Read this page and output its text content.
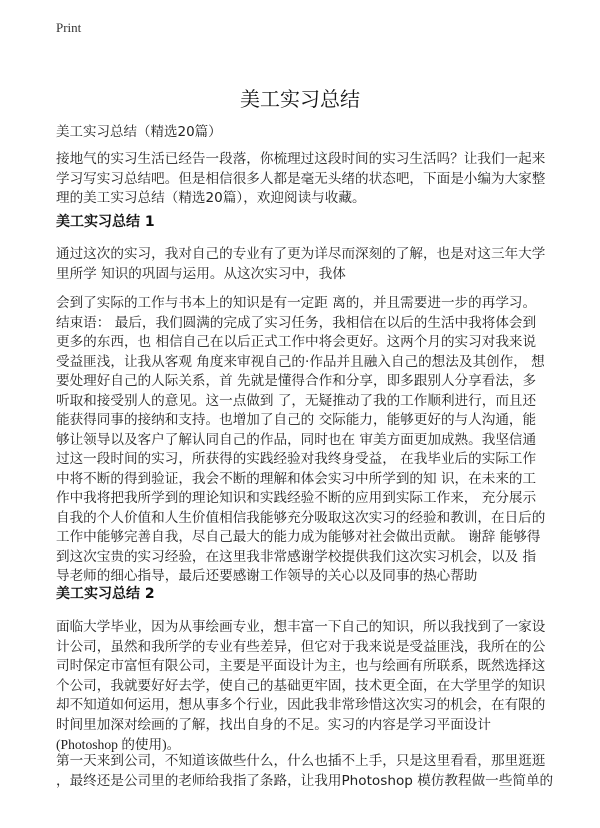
Print
美工实习总结
美工实习总结（精选20篇）
接地气的实习生活已经告一段落，你梳理过这段时间的实习生活吗？让我们一起来
学习写实习总结吧。但是相信很多人都是毫无头绪的状态吧，下面是小编为大家整
理的美工实习总结（精选20篇），欢迎阅读与收藏。
美工实习总结 1
通过这次的实习，我对自己的专业有了更为详尽而深刻的了解，也是对这三年大学
里所学 知识的巩固与运用。从这次实习中，我体
会到了实际的工作与书本上的知识是有一定距 离的，并且需要进一步的再学习。
结束语： 最后，我们圆满的完成了实习任务，我相信在以后的生活中我将体会到
更多的东西，也 相信自己在以后正式工作中将会更好。这两个月的实习对我来说
受益匪浅，让我从客观 角度来审视自己的·作品并且融入自己的想法及其创作， 想
要处理好自己的人际关系，首 先就是懂得合作和分享，即多跟别人分享看法，多
听取和接受别人的意见。这一点做到 了，无疑推动了我的工作顺利进行，而且还
能获得同事的接纳和支持。也增加了自己的 交际能力，能够更好的与人沟通，能
够让领导以及客户了解认同自己的作品，同时也在 审美方面更加成熟。我坚信通
过这一段时间的实习，所获得的实践经验对我终身受益， 在我毕业后的实际工作
中将不断的得到验证，我会不断的理解和体会实习中所学到的知 识，在未来的工
作中我将把我所学到的理论知识和实践经验不断的应用到实际工作来， 充分展示
自我的个人价值和人生价值相信我能够充分吸取这次实习的经验和教训，在日后的
工作中能够完善自我，尽自己最大的能力成为能够对社会做出贡献。 谢辞 能够得
到这次宝贵的实习经验，在这里我非常感谢学校提供我们这次实习机会，以及 指
导老师的细心指导，最后还要感谢工作领导的关心以及同事的热心帮助
美工实习总结 2
面临大学毕业，因为从事绘画专业，想丰富一下自己的知识，所以我找到了一家设
计公司，虽然和我所学的专业有些差异，但它对于我来说是受益匪浅，我所在的公
司时保定市富恒有限公司，主要是平面设计为主，也与绘画有所联系，既然选择这
个公司，我就要好好去学，使自己的基础更牢固，技术更全面，在大学里学的知识
却不知道如何运用，想从事多个行业，因此我非常珍惜这次实习的机会，在有限的
时间里加深对绘画的了解，找出自身的不足。实习的内容是学习平面设计
(Photoshop 的使用)。
第一天来到公司，不知道该做些什么，什么也插不上手，只是这里看看，那里逛逛
，最终还是公司里的老师给我指了条路，让我用Photoshop 模仿教程做一些简单的
